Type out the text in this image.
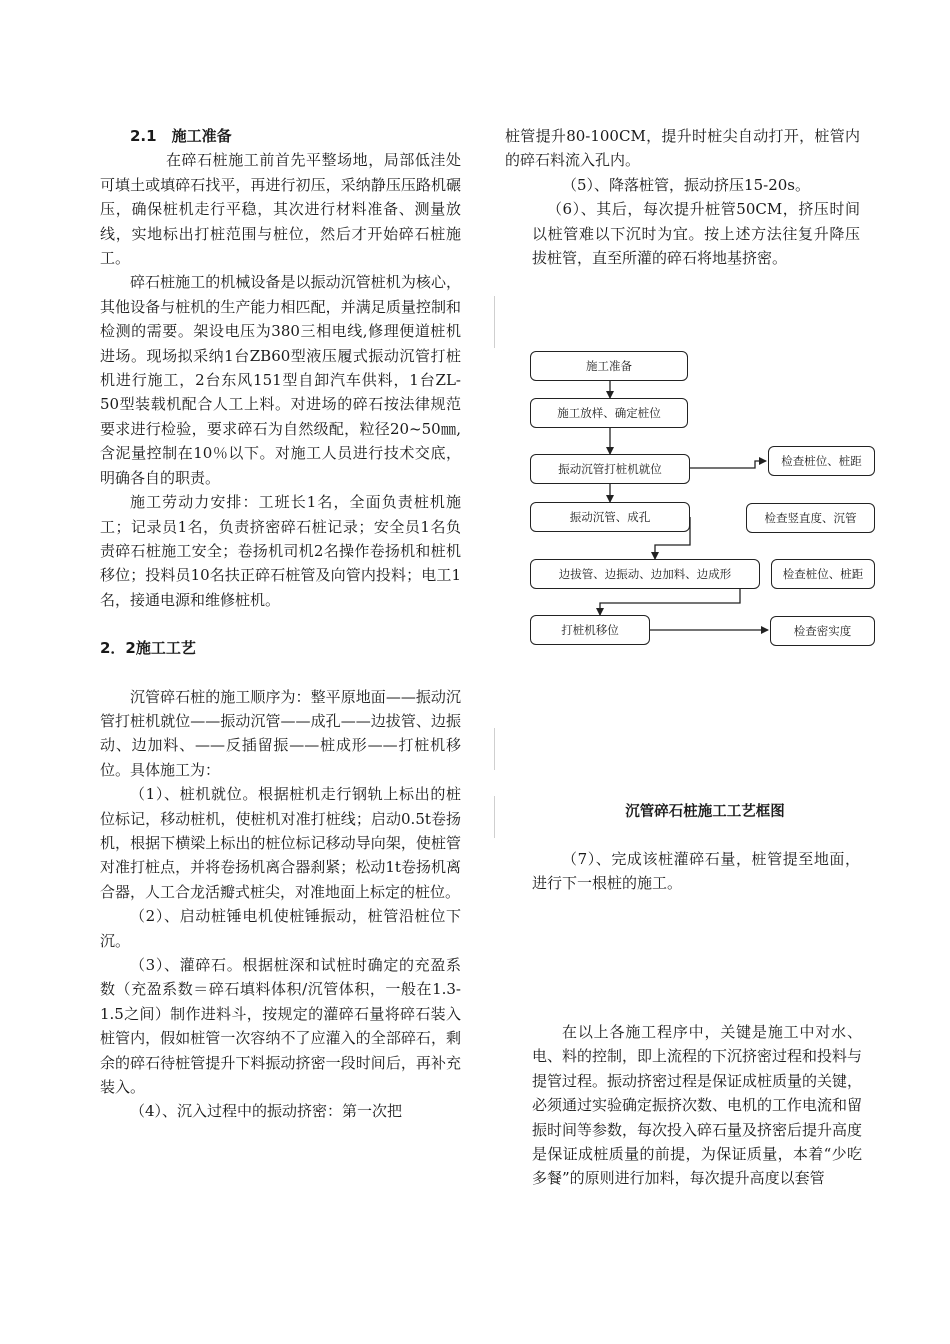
2.1　施工准备

在碎石桩施工前首先平整场地，局部低洼处可填土或填碎石找平，再进行初压，采纳静压压路机碾压，确保桩机走行平稳，其次进行材料准备、测量放线，实地标出打桩范围与桩位，然后才开始碎石桩施工。

碎石桩施工的机械设备是以振动沉管桩机为核心，其他设备与桩机的生产能力相匹配，并满足质量控制和检测的需要。架设电压为380三相电线,修理便道桩机进场。现场拟采纳1台ZB60型液压履式振动沉管打桩机进行施工，2台东风151型自卸汽车供料，1台ZL-50型装载机配合人工上料。对进场的碎石按法律规范要求进行检验，要求碎石为自然级配，粒径20~50㎜,含泥量控制在10％以下。对施工人员进行技术交底，明确各自的职责。

施工劳动力安排：工班长1名，全面负责桩机施工；记录员1名，负责挤密碎石桩记录；安全员1名负责碎石桩施工安全；卷扬机司机2名操作卷扬机和桩机移位；投料员10名扶正碎石桩管及向管内投料；电工1名，接通电源和维修桩机。

2．2施工工艺

沉管碎石桩的施工顺序为：整平原地面——振动沉管打桩机就位——振动沉管——成孔——边拔管、边振动、边加料、——反插留振——桩成形——打桩机移位。具体施工为：

（1）、桩机就位。根据桩机走行钢轨上标出的桩位标记，移动桩机，使桩机对准打桩线；启动0.5t卷扬机，根据下横梁上标出的桩位标记移动导向架，使桩管对准打桩点，并将卷扬机离合器刹紧；松动1t卷扬机离合器，人工合龙活瓣式桩尖，对准地面上标定的桩位。

（2）、启动桩锤电机使桩锤振动，桩管沿桩位下沉。

（3）、灌碎石。根据桩深和试桩时确定的充盈系数（充盈系数＝碎石填料体积/沉管体积，一般在1.3-1.5之间）制作进料斗，按规定的灌碎石量将碎石装入桩管内，假如桩管一次容纳不了应灌入的全部碎石，剩余的碎石待桩管提升下料振动挤密一段时间后，再补充装入。

（4）、沉入过程中的振动挤密：第一次把

桩管提升80-100CM，提升时桩尖自动打开，桩管内的碎石料流入孔内。

（5）、降落桩管，振动挤压15-20s。

（6）、其后，每次提升桩管50CM，挤压时间以桩管难以下沉时为宜。按上述方法往复升降压拔桩管，直至所灌的碎石将地基挤密。

施工准备
施工放样、确定桩位
振动沉管打桩机就位
振动沉管、成孔
边拔管、边振动、边加料、边成形
打桩机移位
检查桩位、桩距
检查竖直度、沉管
检查桩位、桩距
检查密实度
沉管碎石桩施工工艺框图

（7）、完成该桩灌碎石量，桩管提至地面，进行下一根桩的施工。

在以上各施工程序中，关键是施工中对水、电、料的控制，即上流程的下沉挤密过程和投料与提管过程。振动挤密过程是保证成桩质量的关键，必须通过实验确定振挤次数、电机的工作电流和留振时间等参数，每次投入碎石量及挤密后提升高度是保证成桩质量的前提，为保证质量，本着“少吃多餐”的原则进行加料，每次提升高度以套管
